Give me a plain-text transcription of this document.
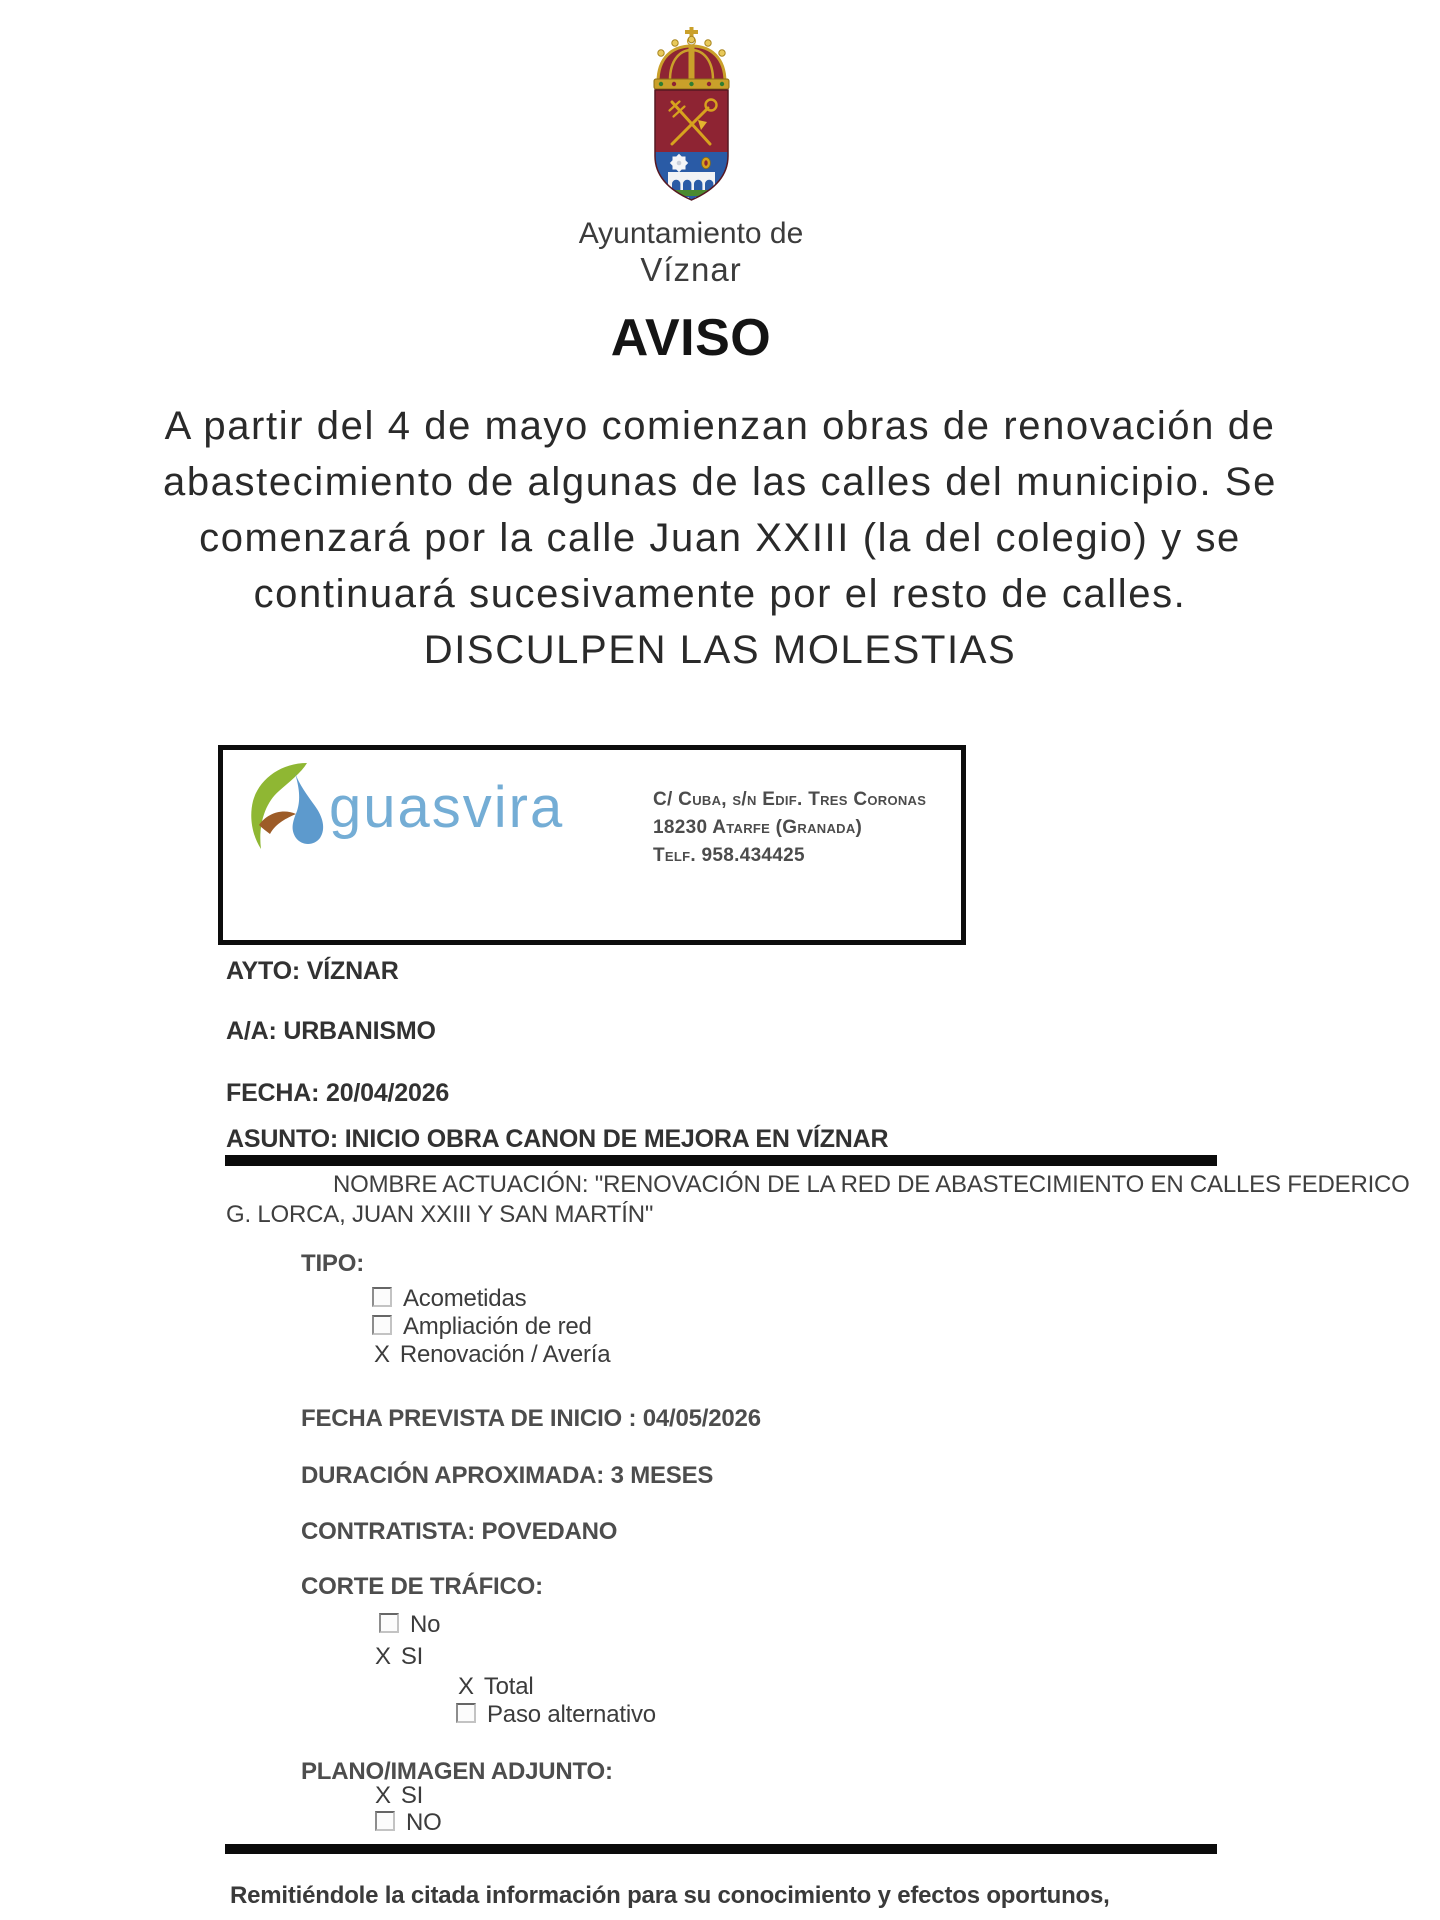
Ayuntamiento de
Víznar
AVISO
A partir del 4 de mayo comienzan obras de renovación de
abastecimiento de algunas de las calles del municipio. Se
comenzará por la calle Juan XXIII (la del colegio) y se
continuará sucesivamente por el resto de calles.
DISCULPEN LAS MOLESTIAS
guasvira	C/ Cuba, s/n Edif. Tres Coronas
18230 Atarfe (Granada)
Telf. 958.434425
AYTO: VÍZNAR
A/A: URBANISMO
FECHA: 20/04/2026
ASUNTO: INICIO OBRA CANON DE MEJORA EN VÍZNAR
NOMBRE ACTUACIÓN: "RENOVACIÓN DE LA RED DE ABASTECIMIENTO EN CALLES FEDERICO
G. LORCA, JUAN XXIII Y SAN MARTÍN"
TIPO:
Acometidas
Ampliación de red
X Renovación / Avería
FECHA PREVISTA DE INICIO : 04/05/2026
DURACIÓN APROXIMADA: 3 MESES
CONTRATISTA: POVEDANO
CORTE DE TRÁFICO:
No
X SI
X Total
Paso alternativo
PLANO/IMAGEN ADJUNTO:
X SI
NO
Remitiéndole la citada información para su conocimiento y efectos oportunos,
